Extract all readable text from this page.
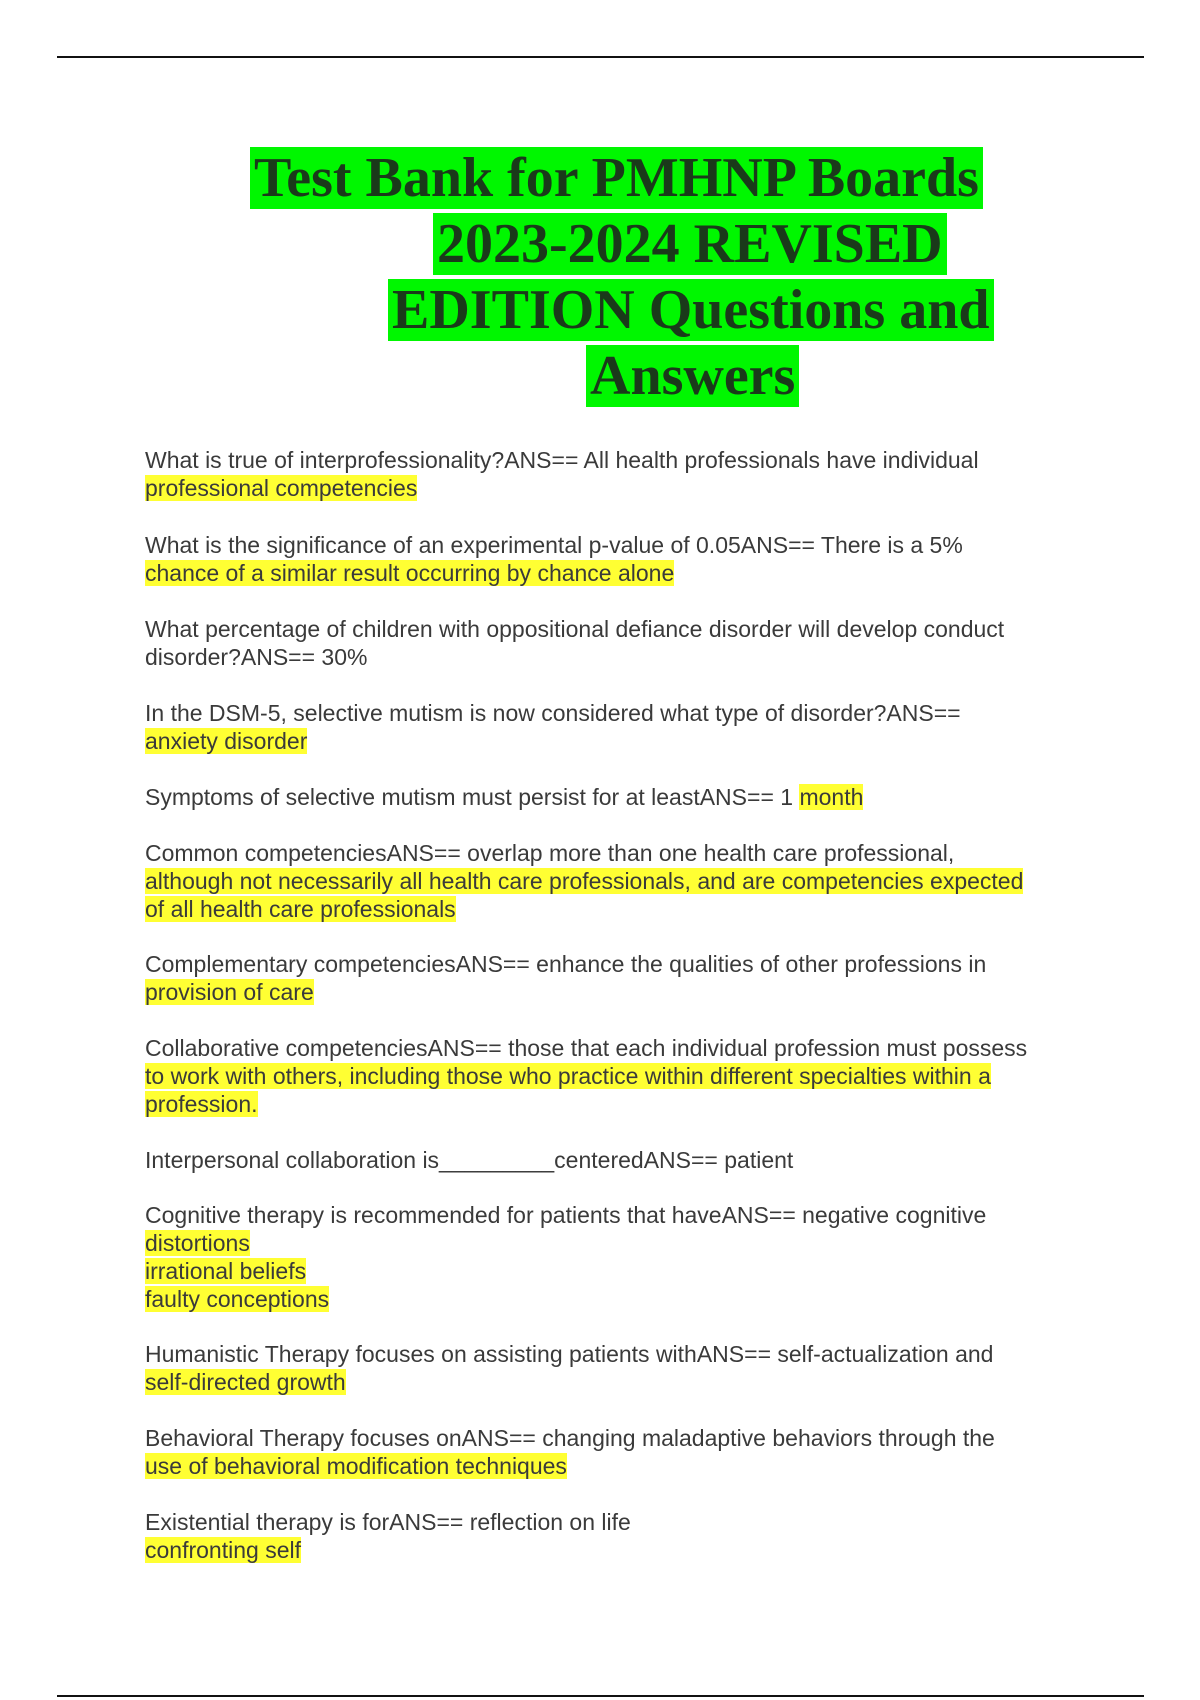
Test Bank for PMHNP Boards
2023-2024 REVISED
EDITION Questions and
Answers
What is true of interprofessionality?ANS== All health professionals have individual
professional competencies
What is the significance of an experimental p-value of 0.05ANS== There is a 5%
chance of a similar result occurring by chance alone
What percentage of children with oppositional defiance disorder will develop conduct
disorder?ANS== 30%
In the DSM-5, selective mutism is now considered what type of disorder?ANS==
anxiety disorder
Symptoms of selective mutism must persist for at leastANS== 1 month
Common competenciesANS== overlap more than one health care professional,
although not necessarily all health care professionals, and are competencies expected
of all health care professionals
Complementary competenciesANS== enhance the qualities of other professions in
provision of care
Collaborative competenciesANS== those that each individual profession must possess
to work with others, including those who practice within different specialties within a
profession.
Interpersonal collaboration is_________centeredANS== patient
Cognitive therapy is recommended for patients that haveANS== negative cognitive
distortions
irrational beliefs
faulty conceptions
Humanistic Therapy focuses on assisting patients withANS== self-actualization and
self-directed growth
Behavioral Therapy focuses onANS== changing maladaptive behaviors through the
use of behavioral modification techniques
Existential therapy is forANS== reflection on life
confronting self
